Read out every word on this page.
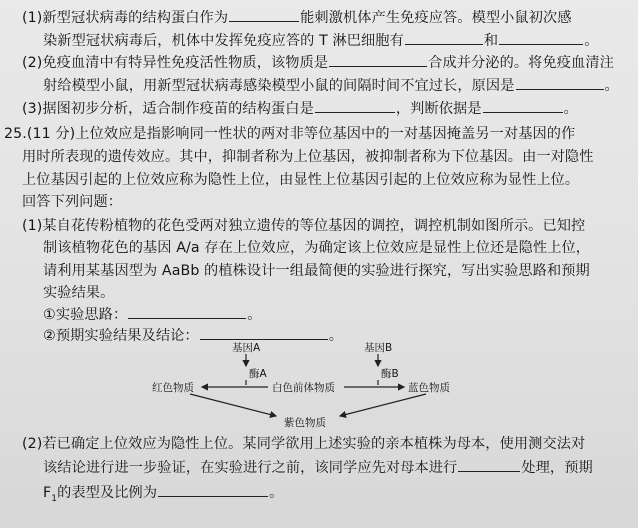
(1)新型冠状病毒的结构蛋白作为	能刺激机体产生免疫应答。模型小鼠初次感
染新型冠状病毒后，机体中发挥免疫应答的 T 淋巴细胞有	和	。
(2)免疫血清中有特异性免疫活性物质，该物质是	合成并分泌的。将免疫血清注
射给模型小鼠，用新型冠状病毒感染模型小鼠的间隔时间不宜过长，原因是	。
(3)据图初步分析，适合制作疫苗的结构蛋白是	，判断依据是	。
25.(11 分)上位效应是指影响同一性状的两对非等位基因中的一对基因掩盖另一对基因的作
用时所表现的遗传效应。其中，抑制者称为上位基因，被抑制者称为下位基因。由一对隐性
上位基因引起的上位效应称为隐性上位，由显性上位基因引起的上位效应称为显性上位。
回答下列问题：
(1)某自花传粉植物的花色受两对独立遗传的等位基因的调控，调控机制如图所示。已知控
制该植物花色的基因 A/a 存在上位效应，为确定该上位效应是显性上位还是隐性上位，
请利用某基因型为 AaBb 的植株设计一组最简便的实验进行探究，写出实验思路和预期
实验结果。
①实验思路：	。
②预期实验结果及结论：	。
基因A	基因B
酶A	酶B
红色物质	白色前体物质	蓝色物质
紫色物质
(2)若已确定上位效应为隐性上位。某同学欲用上述实验的亲本植株为母本，使用测交法对
该结论进行进一步验证，在实验进行之前，该同学应先对母本进行	处理，预期
$F_1$的表型及比例为	。
